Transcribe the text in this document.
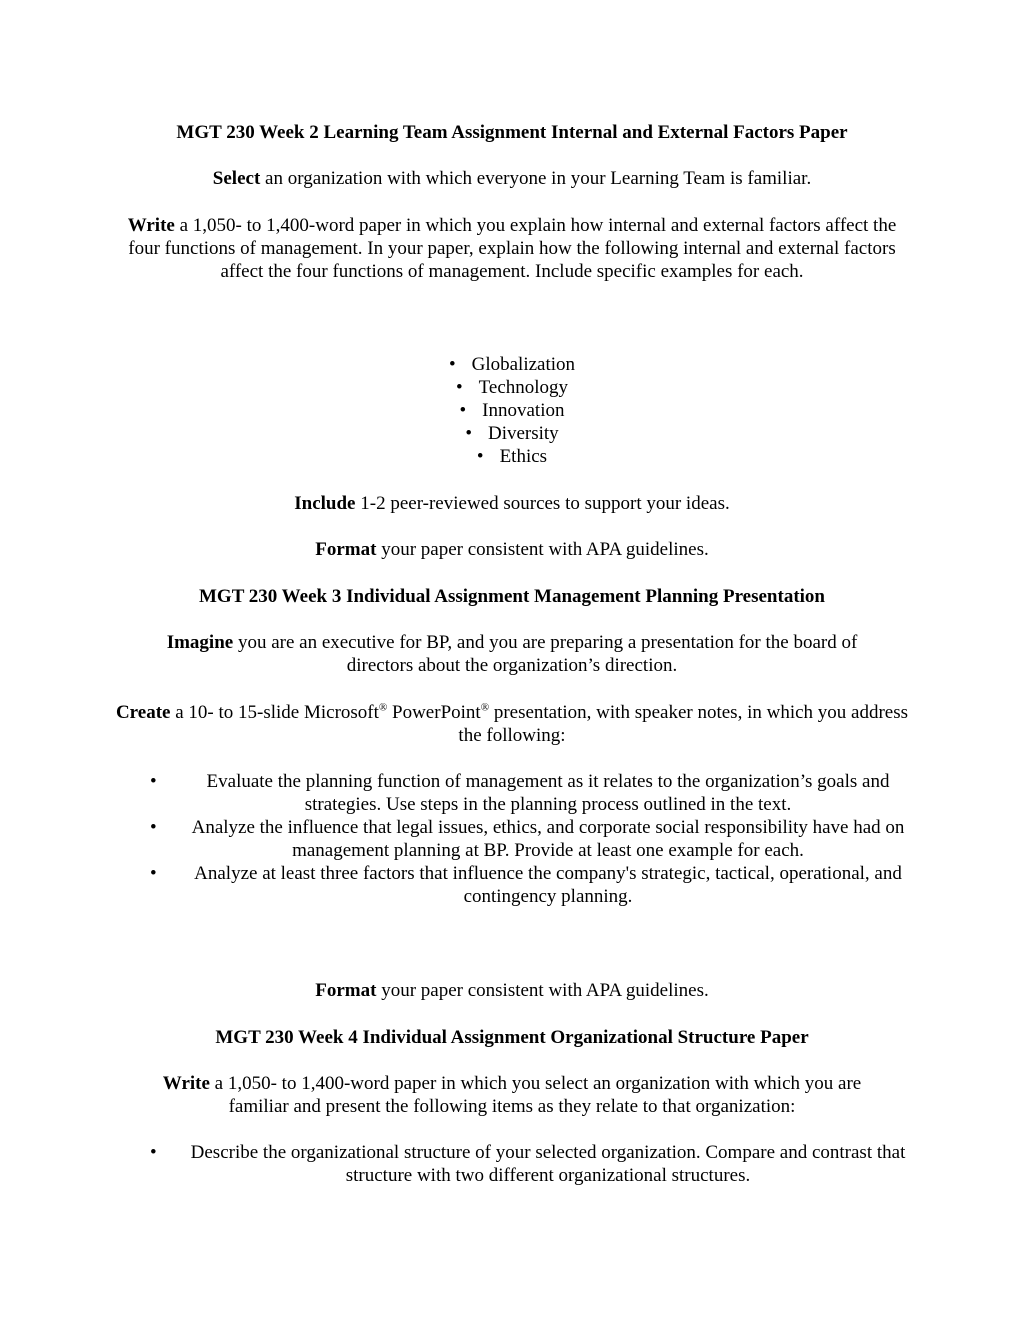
MGT 230 Week 2 Learning Team Assignment Internal and External Factors Paper

Select an organization with which everyone in your Learning Team is familiar.

Write a 1,050- to 1,400-word paper in which you explain how internal and external factors affect the four functions of management. In your paper, explain how the following internal and external factors affect the four functions of management. Include specific examples for each.

• Globalization
• Technology
• Innovation
• Diversity
• Ethics

Include 1-2 peer-reviewed sources to support your ideas.

Format your paper consistent with APA guidelines.

MGT 230 Week 3 Individual Assignment Management Planning Presentation

Imagine you are an executive for BP, and you are preparing a presentation for the board of directors about the organization’s direction.

Create a 10- to 15-slide Microsoft® PowerPoint® presentation, with speaker notes, in which you address the following:

•	Evaluate the planning function of management as it relates to the organization’s goals and strategies. Use steps in the planning process outlined in the text.
• Analyze the influence that legal issues, ethics, and corporate social responsibility have had on management planning at BP. Provide at least one example for each.
• Analyze at least three factors that influence the company's strategic, tactical, operational, and contingency planning.

Format your paper consistent with APA guidelines.

MGT 230 Week 4 Individual Assignment Organizational Structure Paper

Write a 1,050- to 1,400-word paper in which you select an organization with which you are familiar and present the following items as they relate to that organization:

• Describe the organizational structure of your selected organization. Compare and contrast that structure with two different organizational structures.
